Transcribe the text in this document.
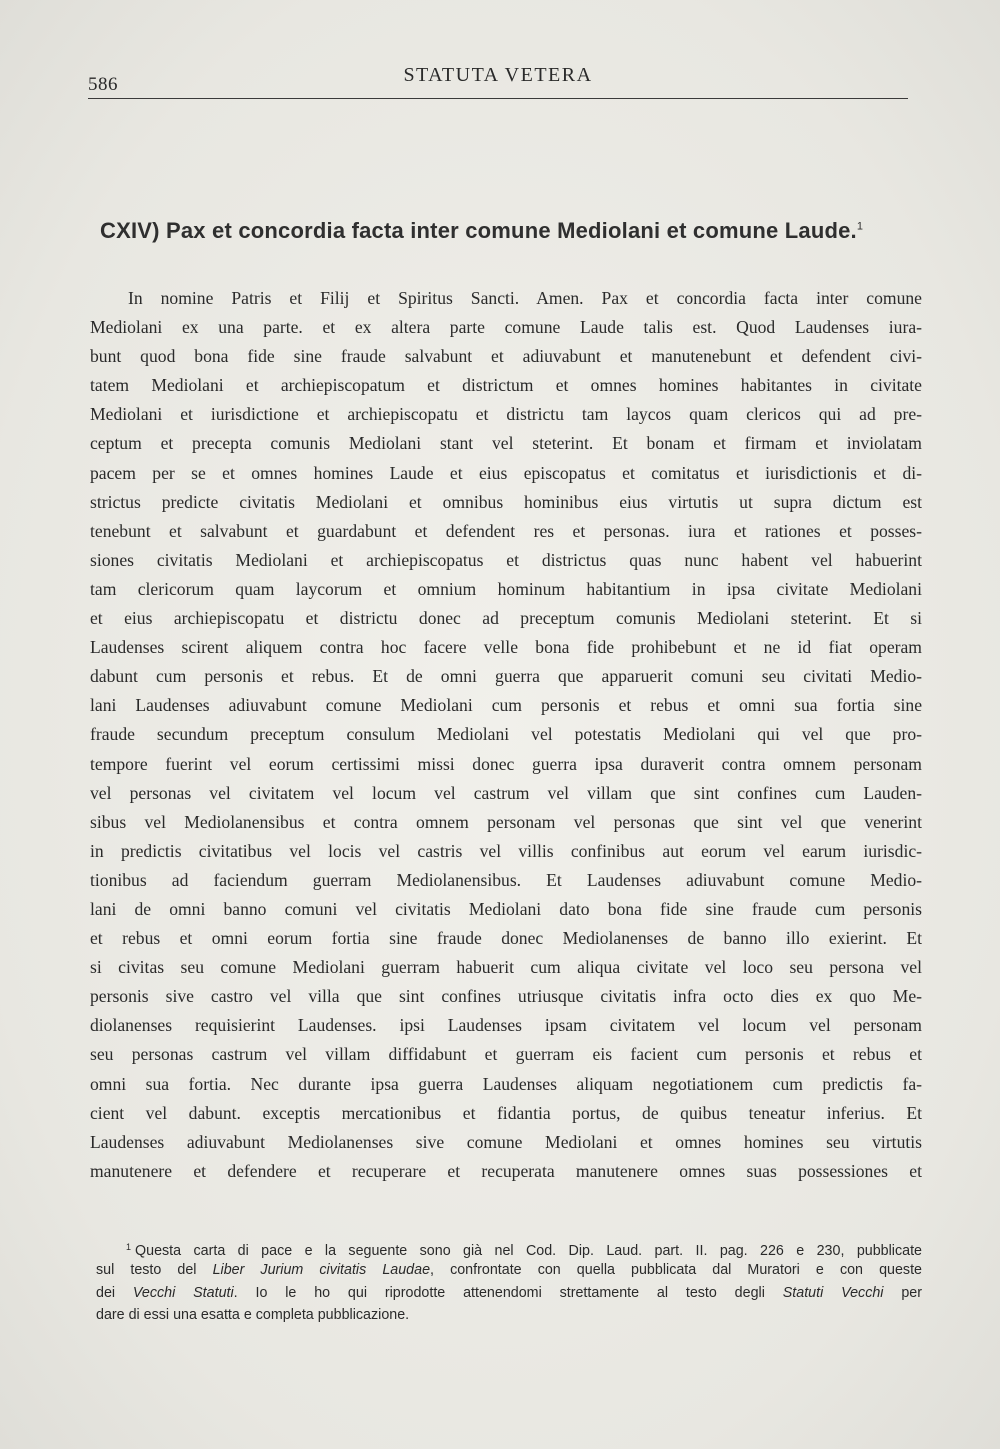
586	STATUTA VETERA
CXIV) Pax et concordia facta inter comune Mediolani et comune Laude.$^1$
In nomine Patris et Filij et Spiritus Sancti. Amen. Pax et concordia facta inter comune
Mediolani ex una parte. et ex altera parte comune Laude talis est. Quod Laudenses iura-
bunt quod bona fide sine fraude salvabunt et adiuvabunt et manutenebunt et defendent civi-
tatem Mediolani et archiepiscopatum et districtum et omnes homines habitantes in civitate
Mediolani et iurisdictione et archiepiscopatu et districtu tam laycos quam clericos qui ad pre-
ceptum et precepta comunis Mediolani stant vel steterint. Et bonam et firmam et inviolatam
pacem per se et omnes homines Laude et eius episcopatus et comitatus et iurisdictionis et di-
strictus predicte civitatis Mediolani et omnibus hominibus eius virtutis ut supra dictum est
tenebunt et salvabunt et guardabunt et defendent res et personas. iura et rationes et posses-
siones civitatis Mediolani et archiepiscopatus et districtus quas nunc habent vel habuerint
tam clericorum quam laycorum et omnium hominum habitantium in ipsa civitate Mediolani
et eius archiepiscopatu et districtu donec ad preceptum comunis Mediolani steterint. Et si
Laudenses scirent aliquem contra hoc facere velle bona fide prohibebunt et ne id fiat operam
dabunt cum personis et rebus. Et de omni guerra que apparuerit comuni seu civitati Medio-
lani Laudenses adiuvabunt comune Mediolani cum personis et rebus et omni sua fortia sine
fraude secundum preceptum consulum Mediolani vel potestatis Mediolani qui vel que pro-
tempore fuerint vel eorum certissimi missi donec guerra ipsa duraverit contra omnem personam
vel personas vel civitatem vel locum vel castrum vel villam que sint confines cum Lauden-
sibus vel Mediolanensibus et contra omnem personam vel personas que sint vel que venerint
in predictis civitatibus vel locis vel castris vel villis confinibus aut eorum vel earum iurisdic-
tionibus ad faciendum guerram Mediolanensibus. Et Laudenses adiuvabunt comune Medio-
lani de omni banno comuni vel civitatis Mediolani dato bona fide sine fraude cum personis
et rebus et omni eorum fortia sine fraude donec Mediolanenses de banno illo exierint. Et
si civitas seu comune Mediolani guerram habuerit cum aliqua civitate vel loco seu persona vel
personis sive castro vel villa que sint confines utriusque civitatis infra octo dies ex quo Me-
diolanenses requisierint Laudenses. ipsi Laudenses ipsam civitatem vel locum vel personam
seu personas castrum vel villam diffidabunt et guerram eis facient cum personis et rebus et
omni sua fortia. Nec durante ipsa guerra Laudenses aliquam negotiationem cum predictis fa-
cient vel dabunt. exceptis mercationibus et fidantia portus, de quibus teneatur inferius. Et
Laudenses adiuvabunt Mediolanenses sive comune Mediolani et omnes homines seu virtutis
manutenere et defendere et recuperare et recuperata manutenere omnes suas possessiones et
$^1$ Questa carta di pace e la seguente sono già nel Cod. Dip. Laud. part. II. pag. 226 e 230, pubblicate
sul testo del Liber Jurium civitatis Laudae, confrontate con quella pubblicata dal Muratori e con queste
dei Vecchi Statuti. Io le ho qui riprodotte attenendomi strettamente al testo degli Statuti Vecchi per
dare di essi una esatta e completa pubblicazione.
